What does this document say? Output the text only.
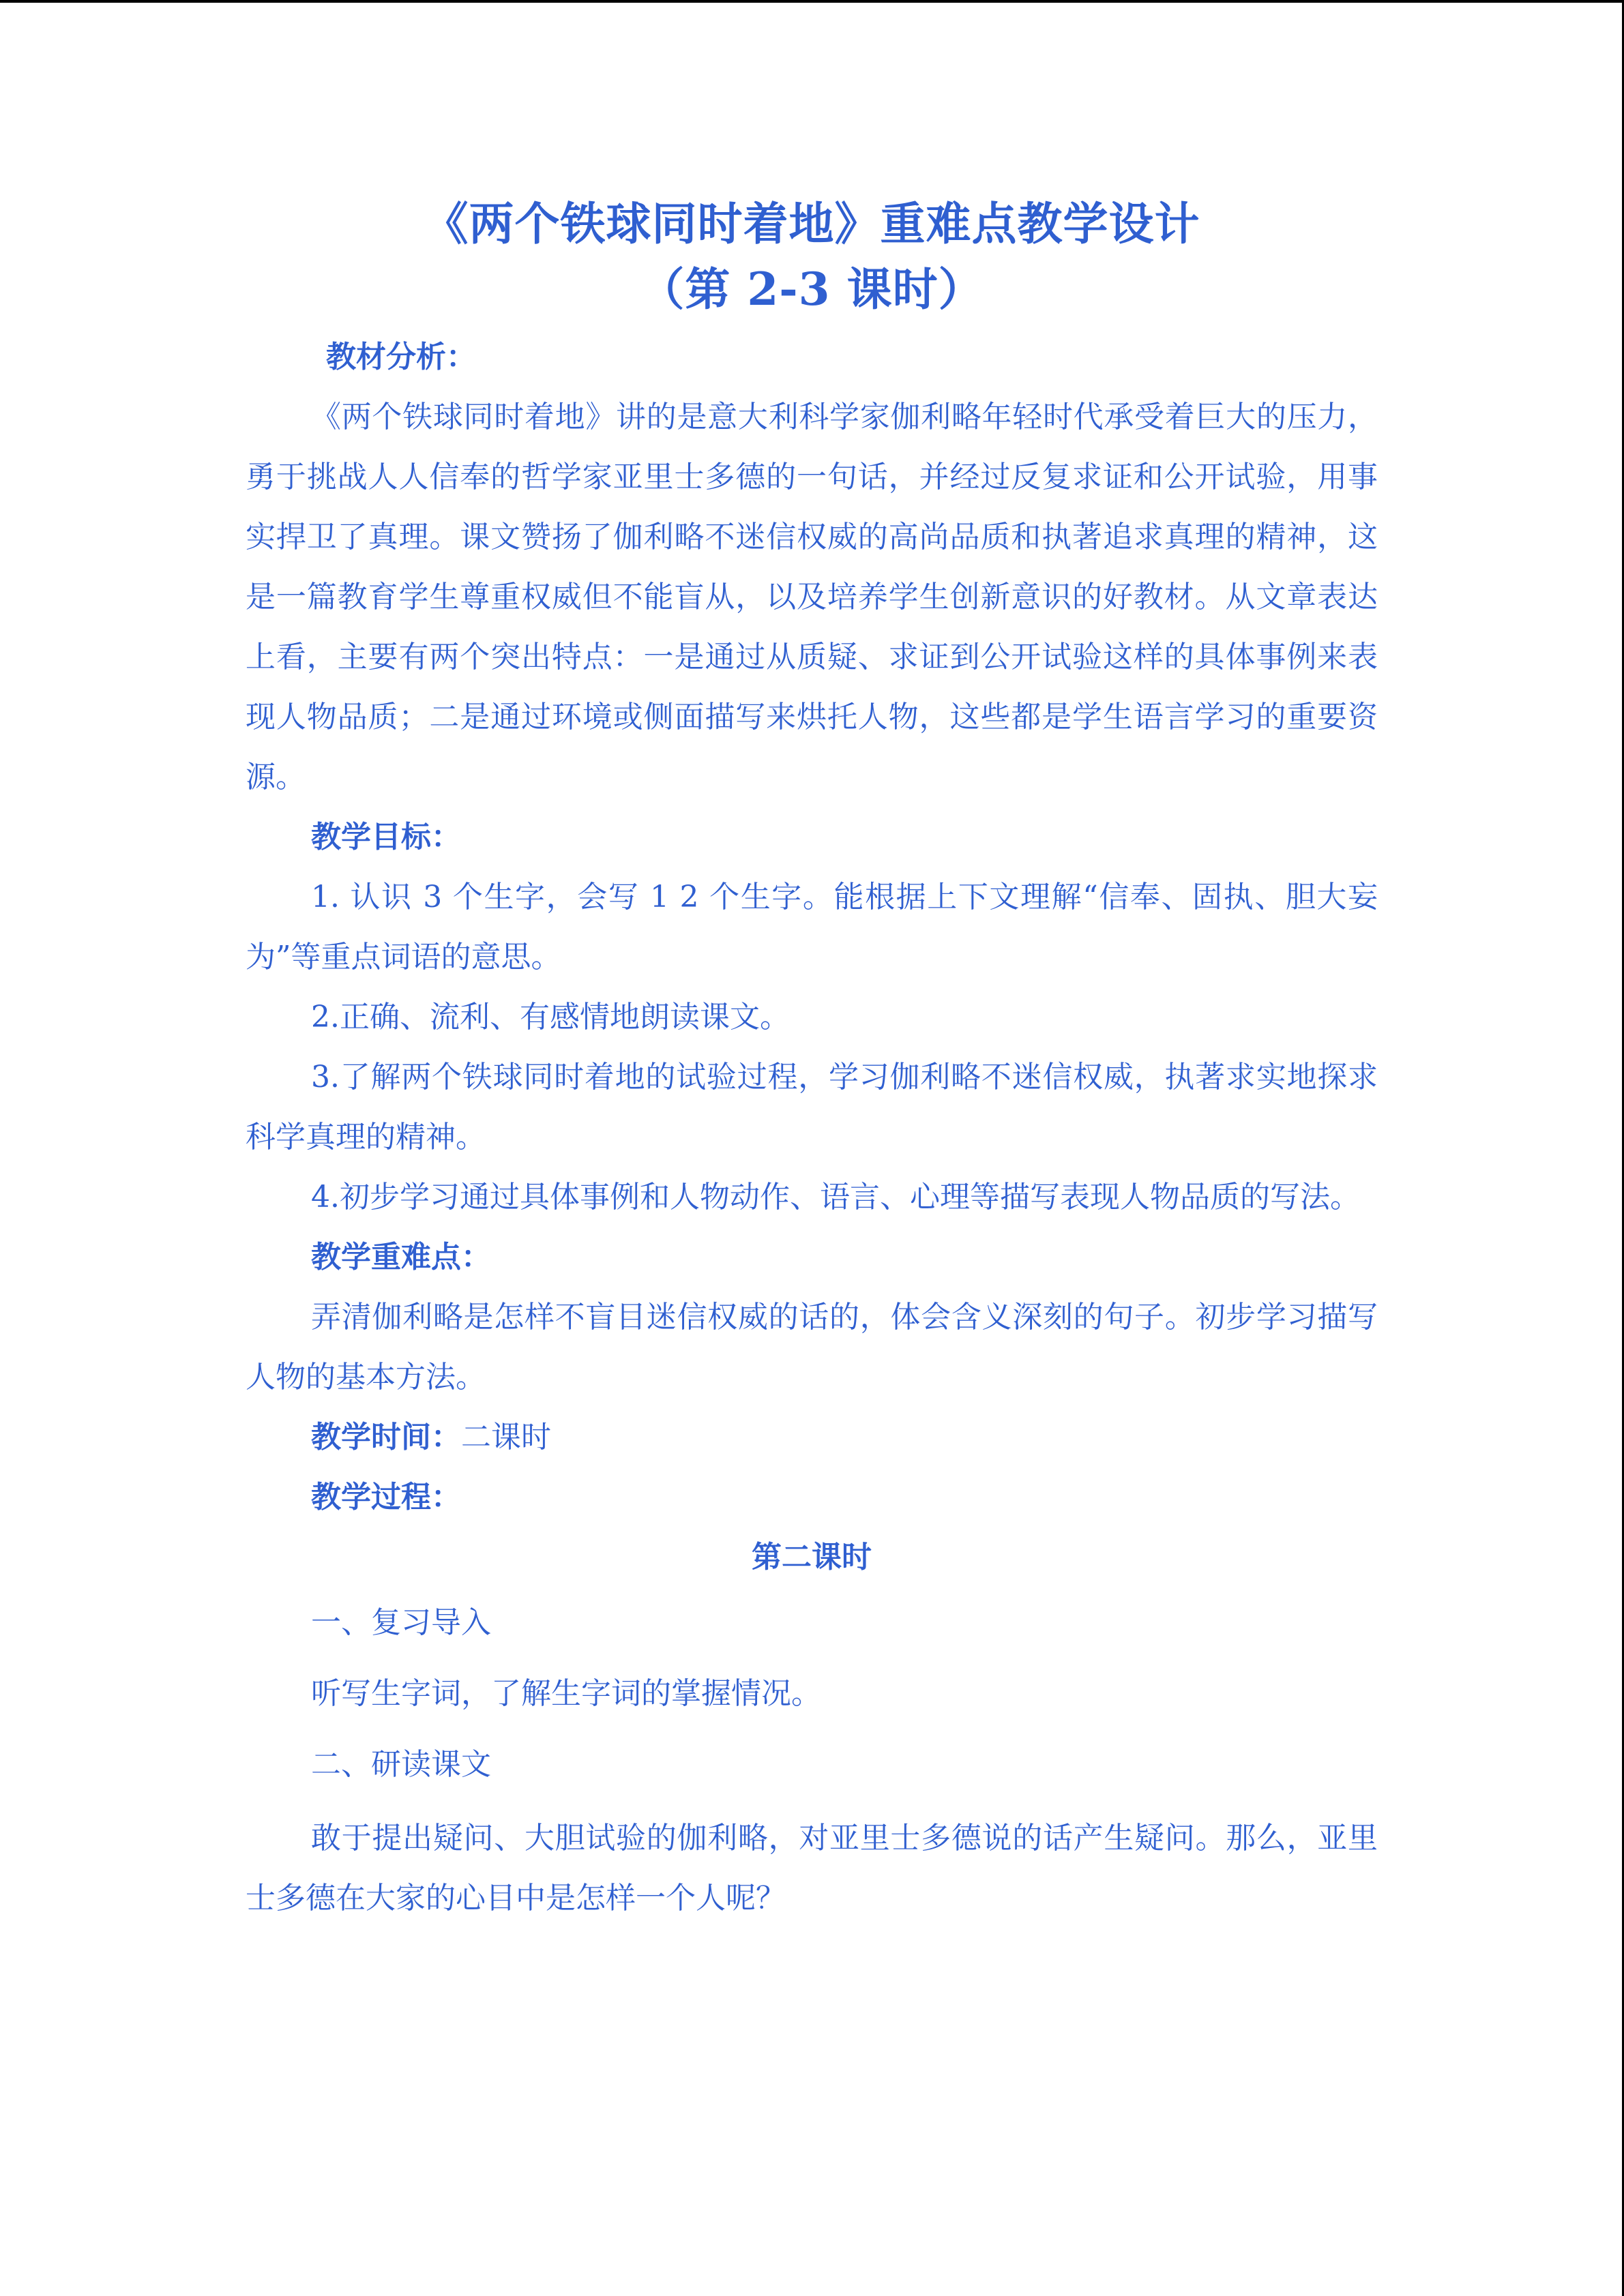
《两个铁球同时着地》重难点教学设计
（第 2-3 课时）

教材分析：

《两个铁球同时着地》讲的是意大利科学家伽利略年轻时代承受着巨大的压力，勇于挑战人人信奉的哲学家亚里士多德的一句话，并经过反复求证和公开试验，用事实捍卫了真理。课文赞扬了伽利略不迷信权威的高尚品质和执著追求真理的精神，这是一篇教育学生尊重权威但不能盲从，以及培养学生创新意识的好教材。从文章表达上看，主要有两个突出特点：一是通过从质疑、求证到公开试验这样的具体事例来表现人物品质；二是通过环境或侧面描写来烘托人物，这些都是学生语言学习的重要资源。

教学目标：

1. 认识 3 个生字，会写 1 2 个生字。能根据上下文理解“信奉、固执、胆大妄为”等重点词语的意思。

2.正确、流利、有感情地朗读课文。

3.了解两个铁球同时着地的试验过程，学习伽利略不迷信权威，执著求实地探求科学真理的精神。

4.初步学习通过具体事例和人物动作、语言、心理等描写表现人物品质的写法。

教学重难点：

弄清伽利略是怎样不盲目迷信权威的话的，体会含义深刻的句子。初步学习描写人物的基本方法。

教学时间：二课时

教学过程：

第二课时

一、复习导入

听写生字词，了解生字词的掌握情况。

二、研读课文

敢于提出疑问、大胆试验的伽利略，对亚里士多德说的话产生疑问。那么，亚里士多德在大家的心目中是怎样一个人呢？
